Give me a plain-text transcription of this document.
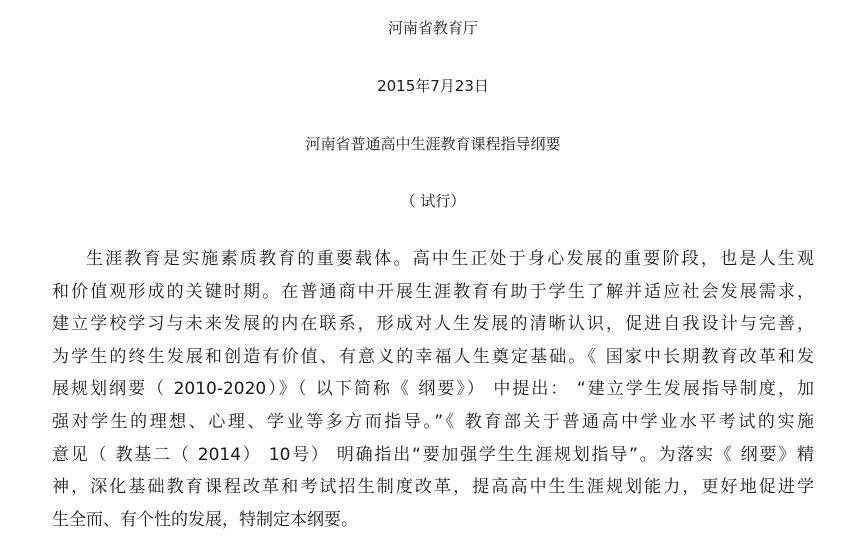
河南省教育厅
2015年7月23日
河南省普通高中生涯教育课程指导纲要
（ 试行）
生涯教育是实施素质教育的重要载体。高中生正处于身心发展的重要阶段，也是人生观
和价值观形成的关键时期。在普通商中开展生涯教育有助于学生了解并适应社会发展需求，
建立学校学习与未来发展的内在联系，形成对人生发展的清晰认识，促进自我设计与完善，
为学生的终生发展和创造有价值、有意义的幸福人生奠定基础。《 国家中长期教育改革和发
展规划纲要（ 2010-2020）》（ 以下简称《 纲要》） 中提出： “建立学生发展指导制度，加
强对学生的理想、心理、学业等多方而指导。”《 教育部关于普通高中学业水平考试的实施
意见（ 教基二（ 2014） 10号） 明确指出“要加强学生生涯规划指导”。为落实《 纲要》精
神，深化基础教育课程改革和考试招生制度改革，提高高中生生涯规划能力，更好地促进学
生全而、有个性的发展，特制定本纲要。
